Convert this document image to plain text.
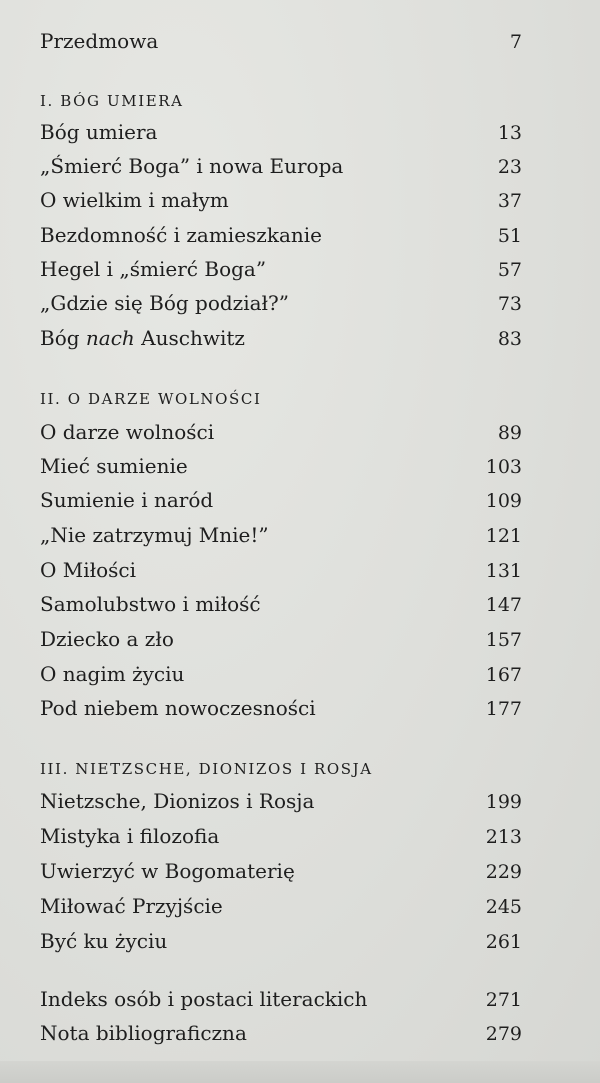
Przedmowa	7
I. BÓG UMIERA
Bóg umiera	13
„Śmierć Boga” i nowa Europa	23
O wielkim i małym	37
Bezdomność i zamieszkanie	51
Hegel i „śmierć Boga”	57
„Gdzie się Bóg podział?”	73
Bóg nach Auschwitz	83
II. O DARZE WOLNOŚCI
O darze wolności	89
Mieć sumienie	103
Sumienie i naród	109
„Nie zatrzymuj Mnie!”	121
O Miłości	131
Samolubstwo i miłość	147
Dziecko a zło	157
O nagim życiu	167
Pod niebem nowoczesności	177
III. NIETZSCHE, DIONIZOS I ROSJA
Nietzsche, Dionizos i Rosja	199
Mistyka i filozofia	213
Uwierzyć w Bogomaterię	229
Miłować Przyjście	245
Być ku życiu	261
Indeks osób i postaci literackich	271
Nota bibliograficzna	279
